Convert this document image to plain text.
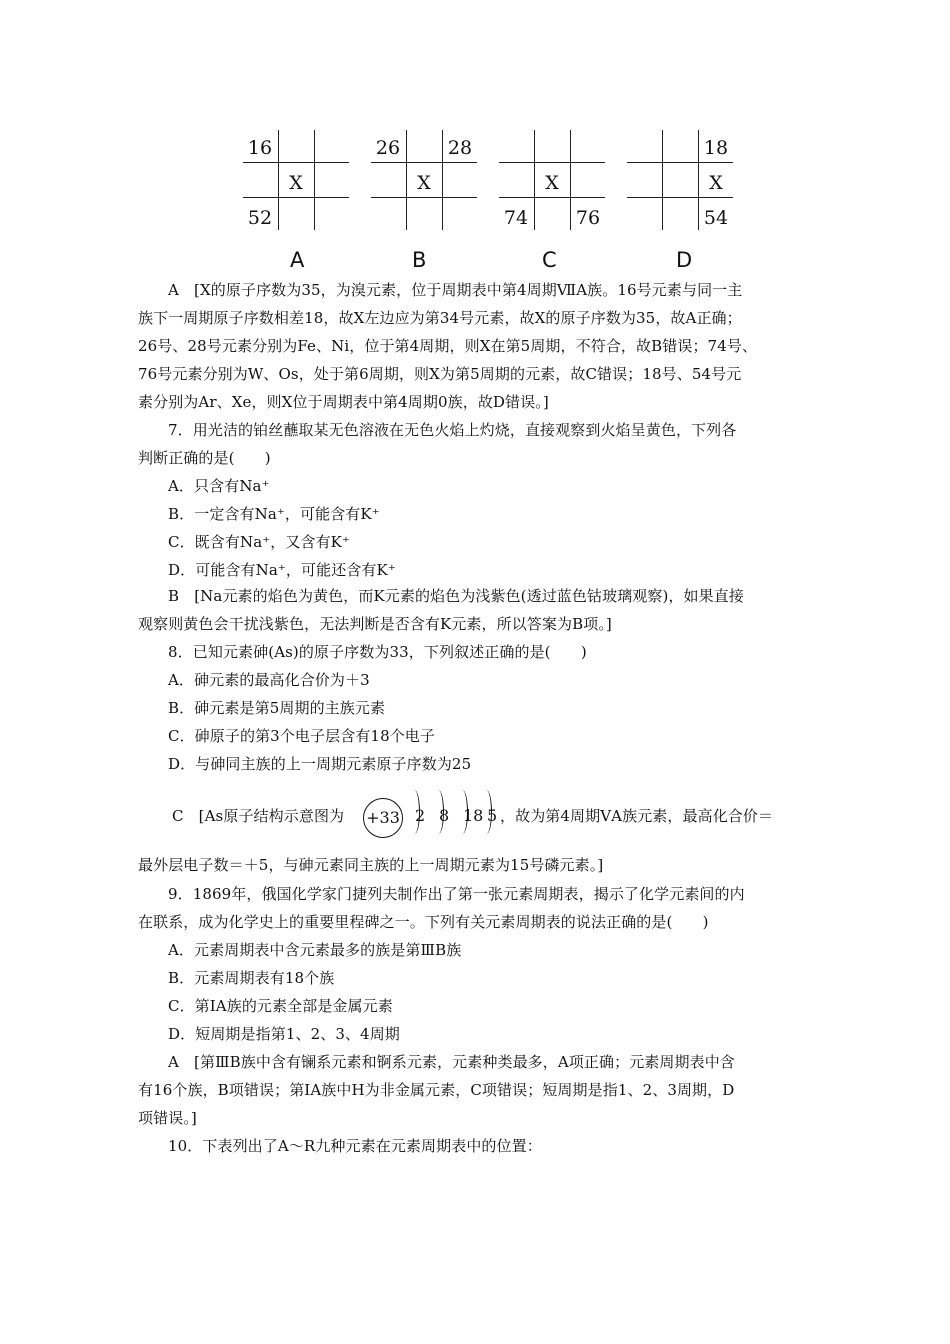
16
X
52
A
26	28
X
B
X
74	76
C
18
X
54
D
A　[X的原子序数为35，为溴元素，位于周期表中第4周期ⅦA族。16号元素与同一主
族下一周期原子序数相差18，故X左边应为第34号元素，故X的原子序数为35，故A正确；
26号、28号元素分别为Fe、Ni，位于第4周期，则X在第5周期，不符合，故B错误；74号、
76号元素分别为W、Os，处于第6周期，则X为第5周期的元素，故C错误；18号、54号元
素分别为Ar、Xe，则X位于周期表中第4周期0族，故D错误。]
7．用光洁的铂丝蘸取某无色溶液在无色火焰上灼烧，直接观察到火焰呈黄色，下列各
判断正确的是(　　)
A．只含有Na⁺
B．一定含有Na⁺，可能含有K⁺
C．既含有Na⁺，又含有K⁺
D．可能含有Na⁺，可能还含有K⁺
B　[Na元素的焰色为黄色，而K元素的焰色为浅紫色(透过蓝色钴玻璃观察)，如果直接
观察则黄色会干扰浅紫色，无法判断是否含有K元素，所以答案为B项。]
8．已知元素砷(As)的原子序数为33，下列叙述正确的是(　　)
A．砷元素的最高化合价为＋3
B．砷元素是第5周期的主族元素
C．砷原子的第3个电子层含有18个电子
D．与砷同主族的上一周期元素原子序数为25
C　[As原子结构示意图为 +33 2 8 18 5 ，故为第4周期ⅤA族元素，最高化合价＝
最外层电子数＝＋5，与砷元素同主族的上一周期元素为15号磷元素。]
9．1869年，俄国化学家门捷列夫制作出了第一张元素周期表，揭示了化学元素间的内
在联系，成为化学史上的重要里程碑之一。下列有关元素周期表的说法正确的是(　　)
A．元素周期表中含元素最多的族是第ⅢB族
B．元素周期表有18个族
C．第ⅠA族的元素全部是金属元素
D．短周期是指第1、2、3、4周期
A　[第ⅢB族中含有镧系元素和锕系元素，元素种类最多，A项正确；元素周期表中含
有16个族，B项错误；第ⅠA族中H为非金属元素，C项错误；短周期是指1、2、3周期，D
项错误。]
10．下表列出了A～R九种元素在元素周期表中的位置：
